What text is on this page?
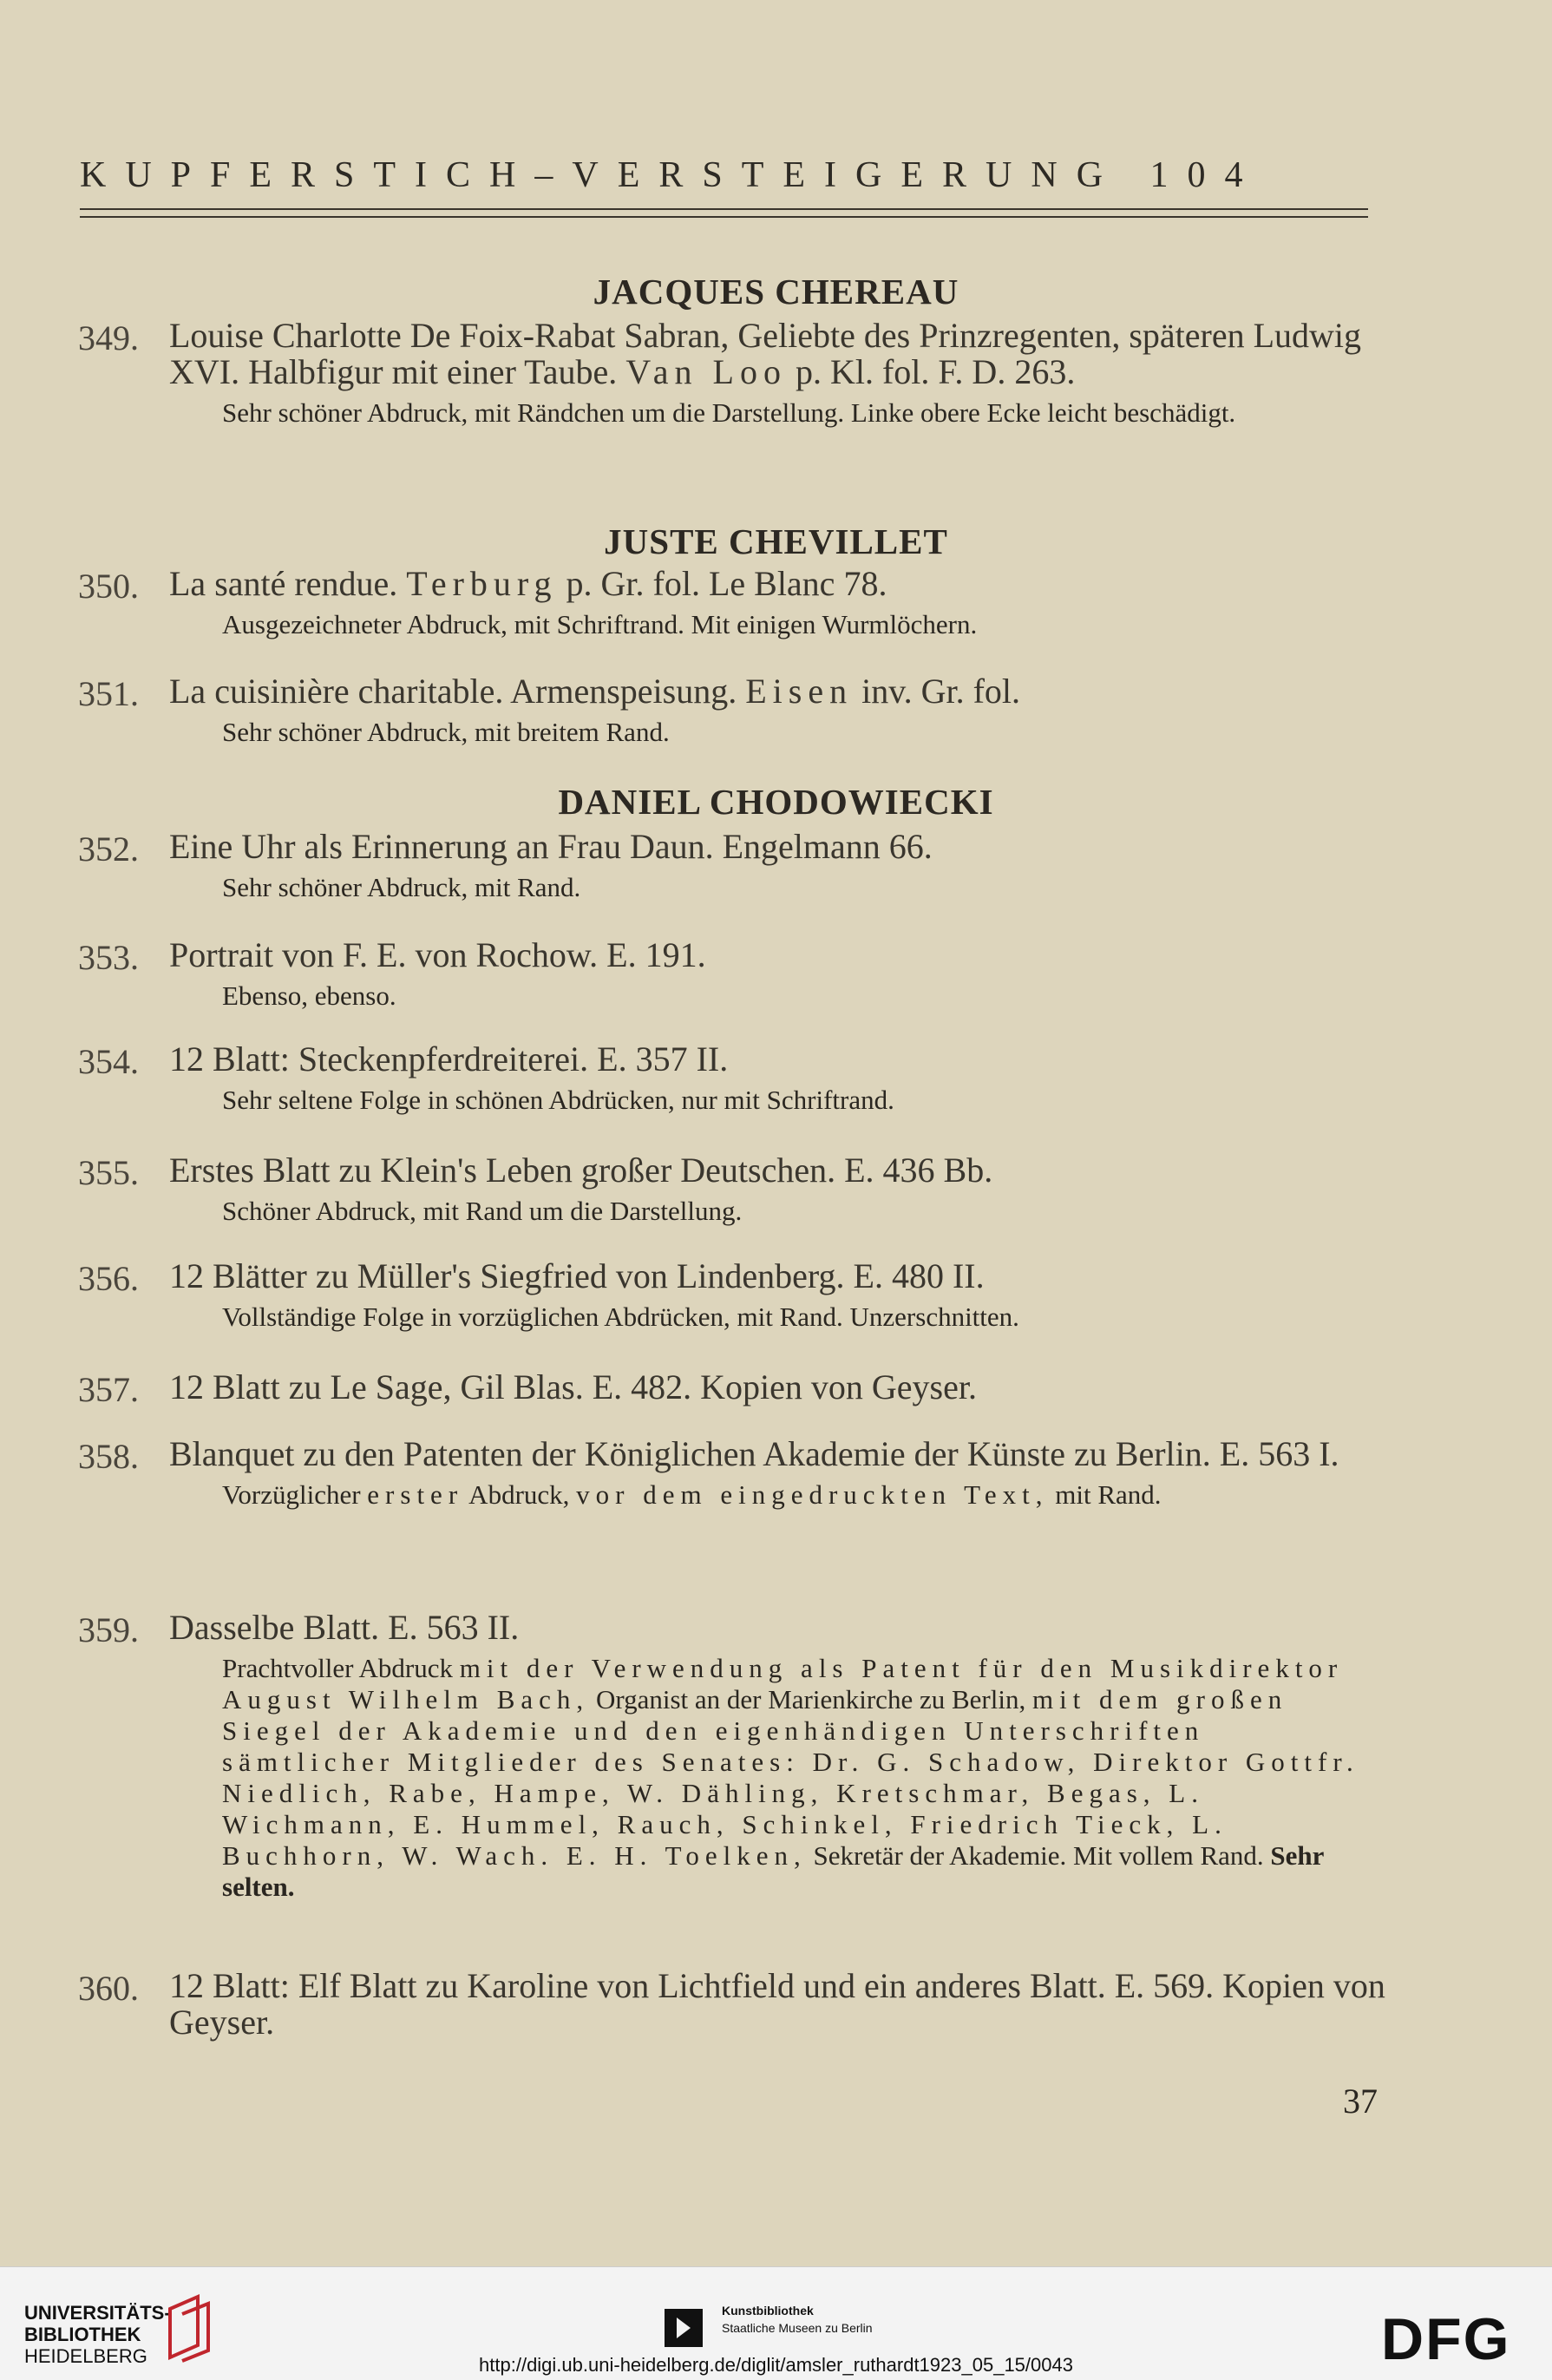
KUPFERSTICH–VERSTEIGERUNG 104
JACQUES CHEREAU
349. Louise Charlotte De Foix-Rabat Sabran, Geliebte des Prinzregenten, späteren Ludwig XVI. Halbfigur mit einer Taube. Van Loo p. Kl. fol. F. D. 263.
Sehr schöner Abdruck, mit Rändchen um die Darstellung. Linke obere Ecke leicht beschädigt.
JUSTE CHEVILLET
350. La santé rendue. Terburg p. Gr. fol. Le Blanc 78.
Ausgezeichneter Abdruck, mit Schriftrand. Mit einigen Wurmlöchern.
351. La cuisinière charitable. Armenspeisung. Eisen inv. Gr. fol.
Sehr schöner Abdruck, mit breitem Rand.
DANIEL CHODOWIECKI
352. Eine Uhr als Erinnerung an Frau Daun. Engelmann 66.
Sehr schöner Abdruck, mit Rand.
353. Portrait von F. E. von Rochow. E. 191.
Ebenso, ebenso.
354. 12 Blatt: Steckenpferdreiterei. E. 357 II.
Sehr seltene Folge in schönen Abdrücken, nur mit Schriftrand.
355. Erstes Blatt zu Klein's Leben großer Deutschen. E. 436 Bb.
Schöner Abdruck, mit Rand um die Darstellung.
356. 12 Blätter zu Müller's Siegfried von Lindenberg. E. 480 II.
Vollständige Folge in vorzüglichen Abdrücken, mit Rand. Unzerschnitten.
357. 12 Blatt zu Le Sage, Gil Blas. E. 482. Kopien von Geyser.
358. Blanquet zu den Patenten der Königlichen Akademie der Künste zu Berlin. E. 563 I.
Vorzüglicher erster Abdruck, vor dem eingedruckten Text, mit Rand.
359. Dasselbe Blatt. E. 563 II.
Prachtvoller Abdruck mit der Verwendung als Patent für den Musikdirektor August Wilhelm Bach, Organist an der Marienkirche zu Berlin, mit dem großen Siegel der Akademie und den eigenhändigen Unterschriften sämtlicher Mitglieder des Senates: Dr. G. Schadow, Direktor Gottfr. Niedlich, Rabe, Hampe, W. Dähling, Kretschmar, Begas, L. Wichmann, E. Hummel, Rauch, Schinkel, Friedrich Tieck, L. Buchhorn, W. Wach. E. H. Toelken, Sekretär der Akademie. Mit vollem Rand. Sehr selten.
360. 12 Blatt: Elf Blatt zu Karoline von Lichtfield und ein anderes Blatt. E. 569. Kopien von Geyser.
37
UNIVERSITÄTS-
BIBLIOTHEK
HEIDELBERG
Kunstbibliothek
Staatliche Museen zu Berlin	DFG
http://digi.ub.uni-heidelberg.de/diglit/amsler_ruthardt1923_05_15/0043
